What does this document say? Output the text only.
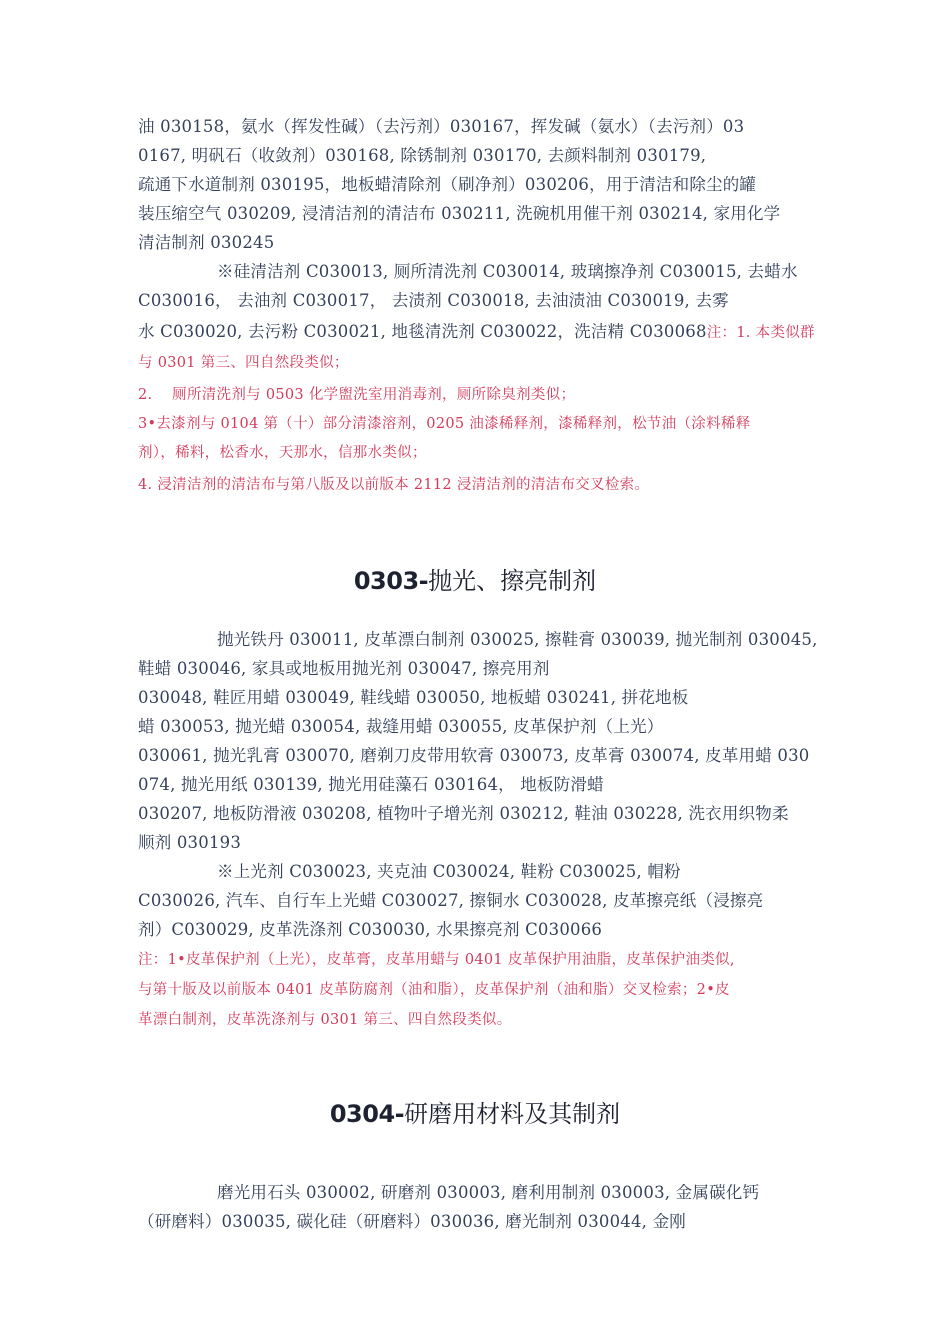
油 030158，氨水（挥发性碱）（去污剂）030167，挥发碱（氨水）（去污剂）03
0167, 明矾石（收敛剂）030168, 除锈制剂 030170, 去颜料制剂 030179,
疏通下水道制剂 030195，地板蜡清除剂（刷净剂）030206，用于清洁和除尘的罐
装压缩空气 030209, 浸清洁剂的清洁布 030211, 洗碗机用催干剂 030214, 家用化学
清洁制剂 030245
※硅清洁剂 C030013, 厕所清洗剂 C030014, 玻璃擦净剂 C030015, 去蜡水
C030016， 去油剂 C030017， 去渍剂 C030018, 去油渍油 C030019, 去雾
水 C030020, 去污粉 C030021, 地毯清洗剂 C030022，洗洁精 C030068注：1. 本类似群
与 0301 第三、四自然段类似；
2.　 厕所清洗剂与 0503 化学盥洗室用消毒剂，厕所除臭剂类似；
3•去漆剂与 0104 第（十）部分清漆溶剂，0205 油漆稀释剂，漆稀释剂，松节油（涂料稀释
剂），稀料，松香水，天那水，信那水类似；
4. 浸清洁剂的清洁布与第八版及以前版本 2112 浸清洁剂的清洁布交叉检索。
0303-抛光、擦亮制剂
抛光铁丹 030011, 皮革漂白制剂 030025, 擦鞋膏 030039, 抛光制剂 030045,
鞋蜡 030046, 家具或地板用抛光剂 030047, 擦亮用剂
030048, 鞋匠用蜡 030049, 鞋线蜡 030050, 地板蜡 030241, 拼花地板
蜡 030053, 抛光蜡 030054, 裁缝用蜡 030055, 皮革保护剂（上光）
030061, 抛光乳膏 030070, 磨剃刀皮带用软膏 030073, 皮革膏 030074, 皮革用蜡 030
074, 抛光用纸 030139, 抛光用硅藻石 030164， 地板防滑蜡
030207, 地板防滑液 030208, 植物叶子增光剂 030212, 鞋油 030228, 洗衣用织物柔
顺剂 030193
※上光剂 C030023, 夹克油 C030024, 鞋粉 C030025, 帽粉
C030026, 汽车、自行车上光蜡 C030027, 擦铜水 C030028, 皮革擦亮纸（浸擦亮
剂）C030029, 皮革洗涤剂 C030030, 水果擦亮剂 C030066
注：1•皮革保护剂（上光），皮革膏，皮革用蜡与 0401 皮革保护用油脂，皮革保护油类似,
与第十版及以前版本 0401 皮革防腐剂（油和脂），皮革保护剂（油和脂）交叉检索；2•皮
革漂白制剂，皮革洗涤剂与 0301 第三、四自然段类似。
0304-研磨用材料及其制剂
磨光用石头 030002, 研磨剂 030003, 磨利用制剂 030003, 金属碳化钙
（研磨料）030035, 碳化硅（研磨料）030036, 磨光制剂 030044, 金刚
